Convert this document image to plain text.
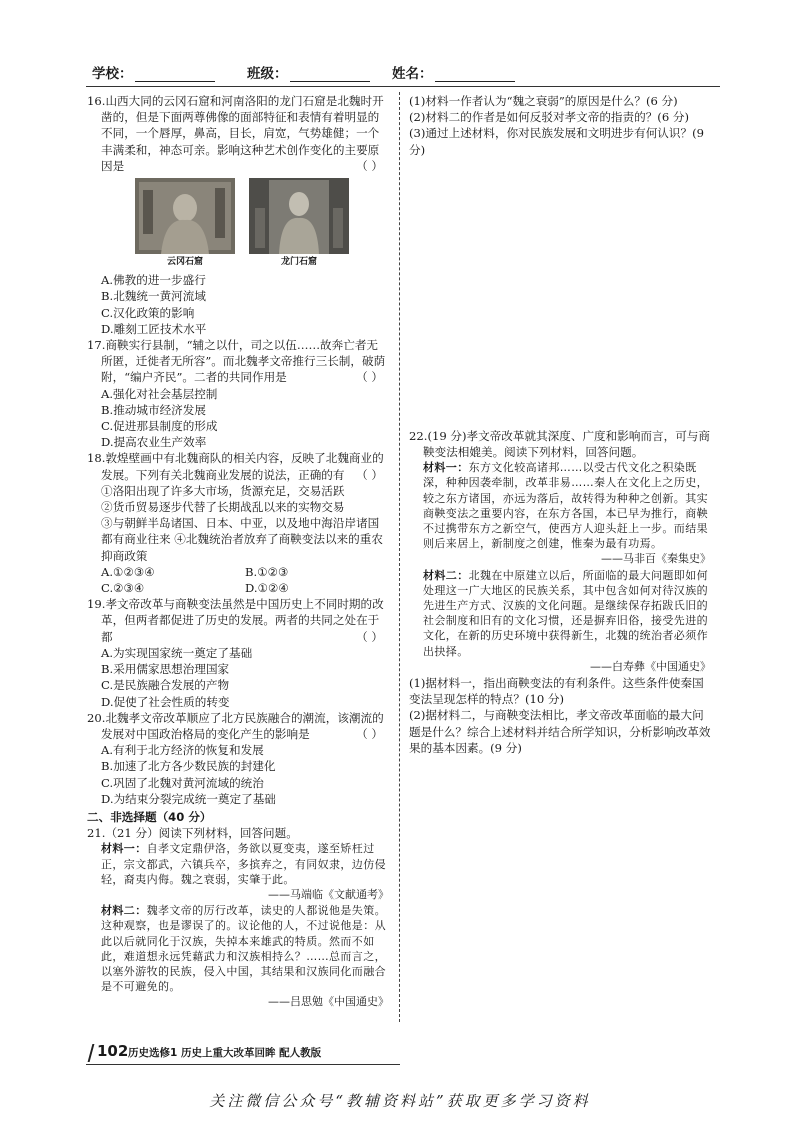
学校：	班级：	姓名：
16.山西大同的云冈石窟和河南洛阳的龙门石窟是北魏时开凿的，但是下面两尊佛像的面部特征和表情有着明显的不同，一个唇厚，鼻高，目长，肩宽，气势雄健；一个丰满柔和，神态可亲。影响这种艺术创作变化的主要原因是	（ ）
云冈石窟	龙门石窟
A.佛教的进一步盛行
B.北魏统一黄河流域
C.汉化政策的影响
D.雕刻工匠技术水平
17.商鞅实行县制，“辅之以什，司之以伍……故奔亡者无所匿，迁徙者无所容”。而北魏孝文帝推行三长制，破荫附，“编户齐民”。二者的共同作用是	（ ）
A.强化对社会基层控制
B.推动城市经济发展
C.促进那县制度的形成
D.提高农业生产效率
18.敦煌壁画中有北魏商队的相关内容，反映了北魏商业的发展。下列有关北魏商业发展的说法，正确的有 （ ）
①洛阳出现了许多大市场，货源充足，交易活跃
②货币贸易逐步代替了长期战乱以来的实物交易
③与朝鲜半岛诸国、日本、中亚，以及地中海沿岸诸国都有商业往来 ④北魏统治者放弃了商鞅变法以来的重农抑商政策
A.①②③④	B.①②③
C.②③④	D.①②④
19.孝文帝改革与商鞅变法虽然是中国历史上不同时期的改革，但两者都促进了历史的发展。两者的共同之处在于都	（ ）
A.为实现国家统一奠定了基础
B.采用儒家思想治理国家
C.是民族融合发展的产物
D.促使了社会性质的转变
20.北魏孝文帝改革顺应了北方民族融合的潮流，该潮流的发展对中国政治格局的变化产生的影响是	（ ）
A.有利于北方经济的恢复和发展
B.加速了北方各少数民族的封建化
C.巩固了北魏对黄河流域的统治
D.为结束分裂完成统一奠定了基础
二、非选择题（40 分）
21.（21 分）阅读下列材料，回答问题。
材料一：自孝文定鼎伊洛，务欲以夏变夷，遂至矫枉过正，宗文都武，六镇兵卒，多摈弃之，有同奴隶，边仿侵轻，裔夷内侮。魏之衰弱，实肇于此。
——马端临《文献通考》
材料二：魏孝文帝的厉行改革，读史的人都说他是失策。这种观察，也是谬误了的。议论他的人，不过说他是：从此以后就同化于汉族，失掉本来雄武的特质。然而不如此，难道想永远凭藉武力和汉族相持么？……总而言之，以塞外游牧的民族，侵入中国，其结果和汉族同化而融合是不可避免的。
——吕思勉《中国通史》
(1)材料一作者认为“魏之衰弱”的原因是什么？(6 分)
(2)材料二的作者是如何反驳对孝文帝的指责的？(6 分)
(3)通过上述材料，你对民族发展和文明进步有何认识？(9 分)
22.(19 分)孝文帝改革就其深度、广度和影响而言，可与商鞅变法相媲美。阅读下列材料，回答问题。
材料一：东方文化较高诸邦……以受古代文化之积染既深，种种因袭牵制，改革非易……秦人在文化上之历史，较之东方诸国，亦远为落后，故转得为种种之创新。其实商鞅变法之重要内容，在东方各国，本已早为推行，商鞅不过携带东方之新空气，使西方人迎头赶上一步。而结果则后来居上，新制度之创建，惟秦为最有功焉。
——马非百《秦集史》
材料二：北魏在中原建立以后，所面临的最大问题即如何处理这一广大地区的民族关系，其中包含如何对待汉族的先进生产方式、汉族的文化问题。是继续保存拓跋氏旧的社会制度和旧有的文化习惯，还是摒弃旧俗，接受先进的文化，在新的历史环境中获得新生，北魏的统治者必须作出抉择。
——白寿彝《中国通史》
(1)据材料一，指出商鞅变法的有利条件。这些条件使秦国变法呈现怎样的特点？(10 分)
(2)据材料二，与商鞅变法相比，孝文帝改革面临的最大问题是什么？综合上述材料并结合所学知识，分析影响改革效果的基本因素。(9 分)
102 历史选修1 历史上重大改革回眸 配人教版
关注微信公众号“教辅资料站”获取更多学习资料
